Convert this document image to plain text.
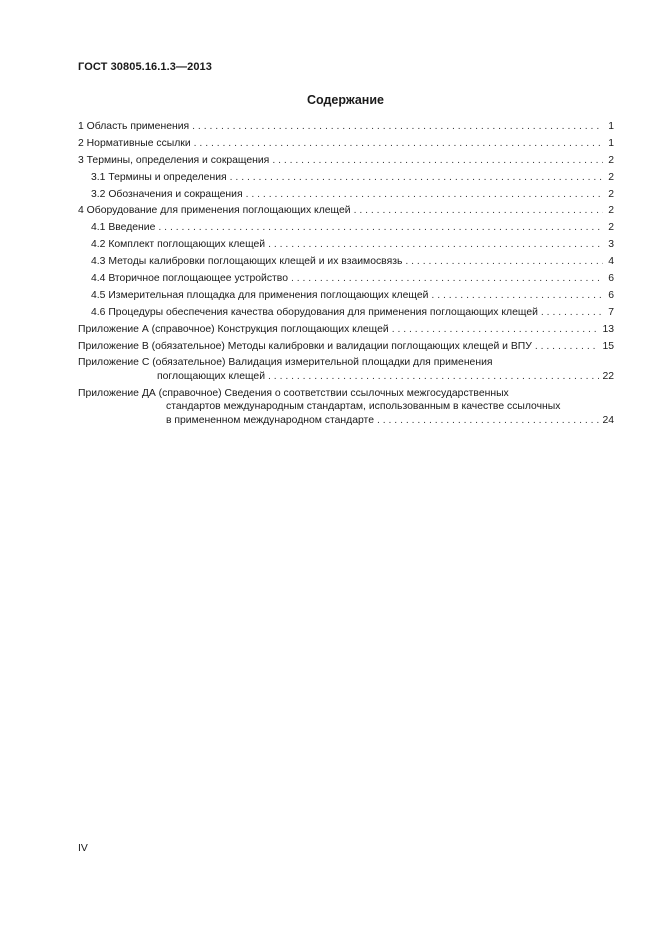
ГОСТ 30805.16.1.3—2013
Содержание
1 Область применения . . .	1
2 Нормативные ссылки . . .	1
3 Термины, определения и сокращения . . .	2
3.1 Термины и определения . . .	2
3.2 Обозначения и сокращения . . .	2
4 Оборудование для применения поглощающих клещей . . .	2
4.1 Введение . . .	2
4.2 Комплект поглощающих клещей . . .	3
4.3 Методы калибровки поглощающих клещей и их взаимосвязь . . .	4
4.4 Вторичное поглощающее устройство . . .	6
4.5 Измерительная площадка для применения поглощающих клещей . . .	6
4.6 Процедуры обеспечения качества оборудования для применения поглощающих клещей . . .	7
Приложение А (справочное) Конструкция поглощающих клещей . . .	13
Приложение В (обязательное) Методы калибровки и валидации поглощающих клещей и ВПУ . . .	15
Приложение С (обязательное) Валидация измерительной площадки для применения
поглощающих клещей . . .	22
Приложение ДА (справочное) Сведения о соответствии ссылочных межгосударственных
стандартов международным стандартам, использованным в качестве ссылочных
в примененном международном стандарте . . .	24
IV
